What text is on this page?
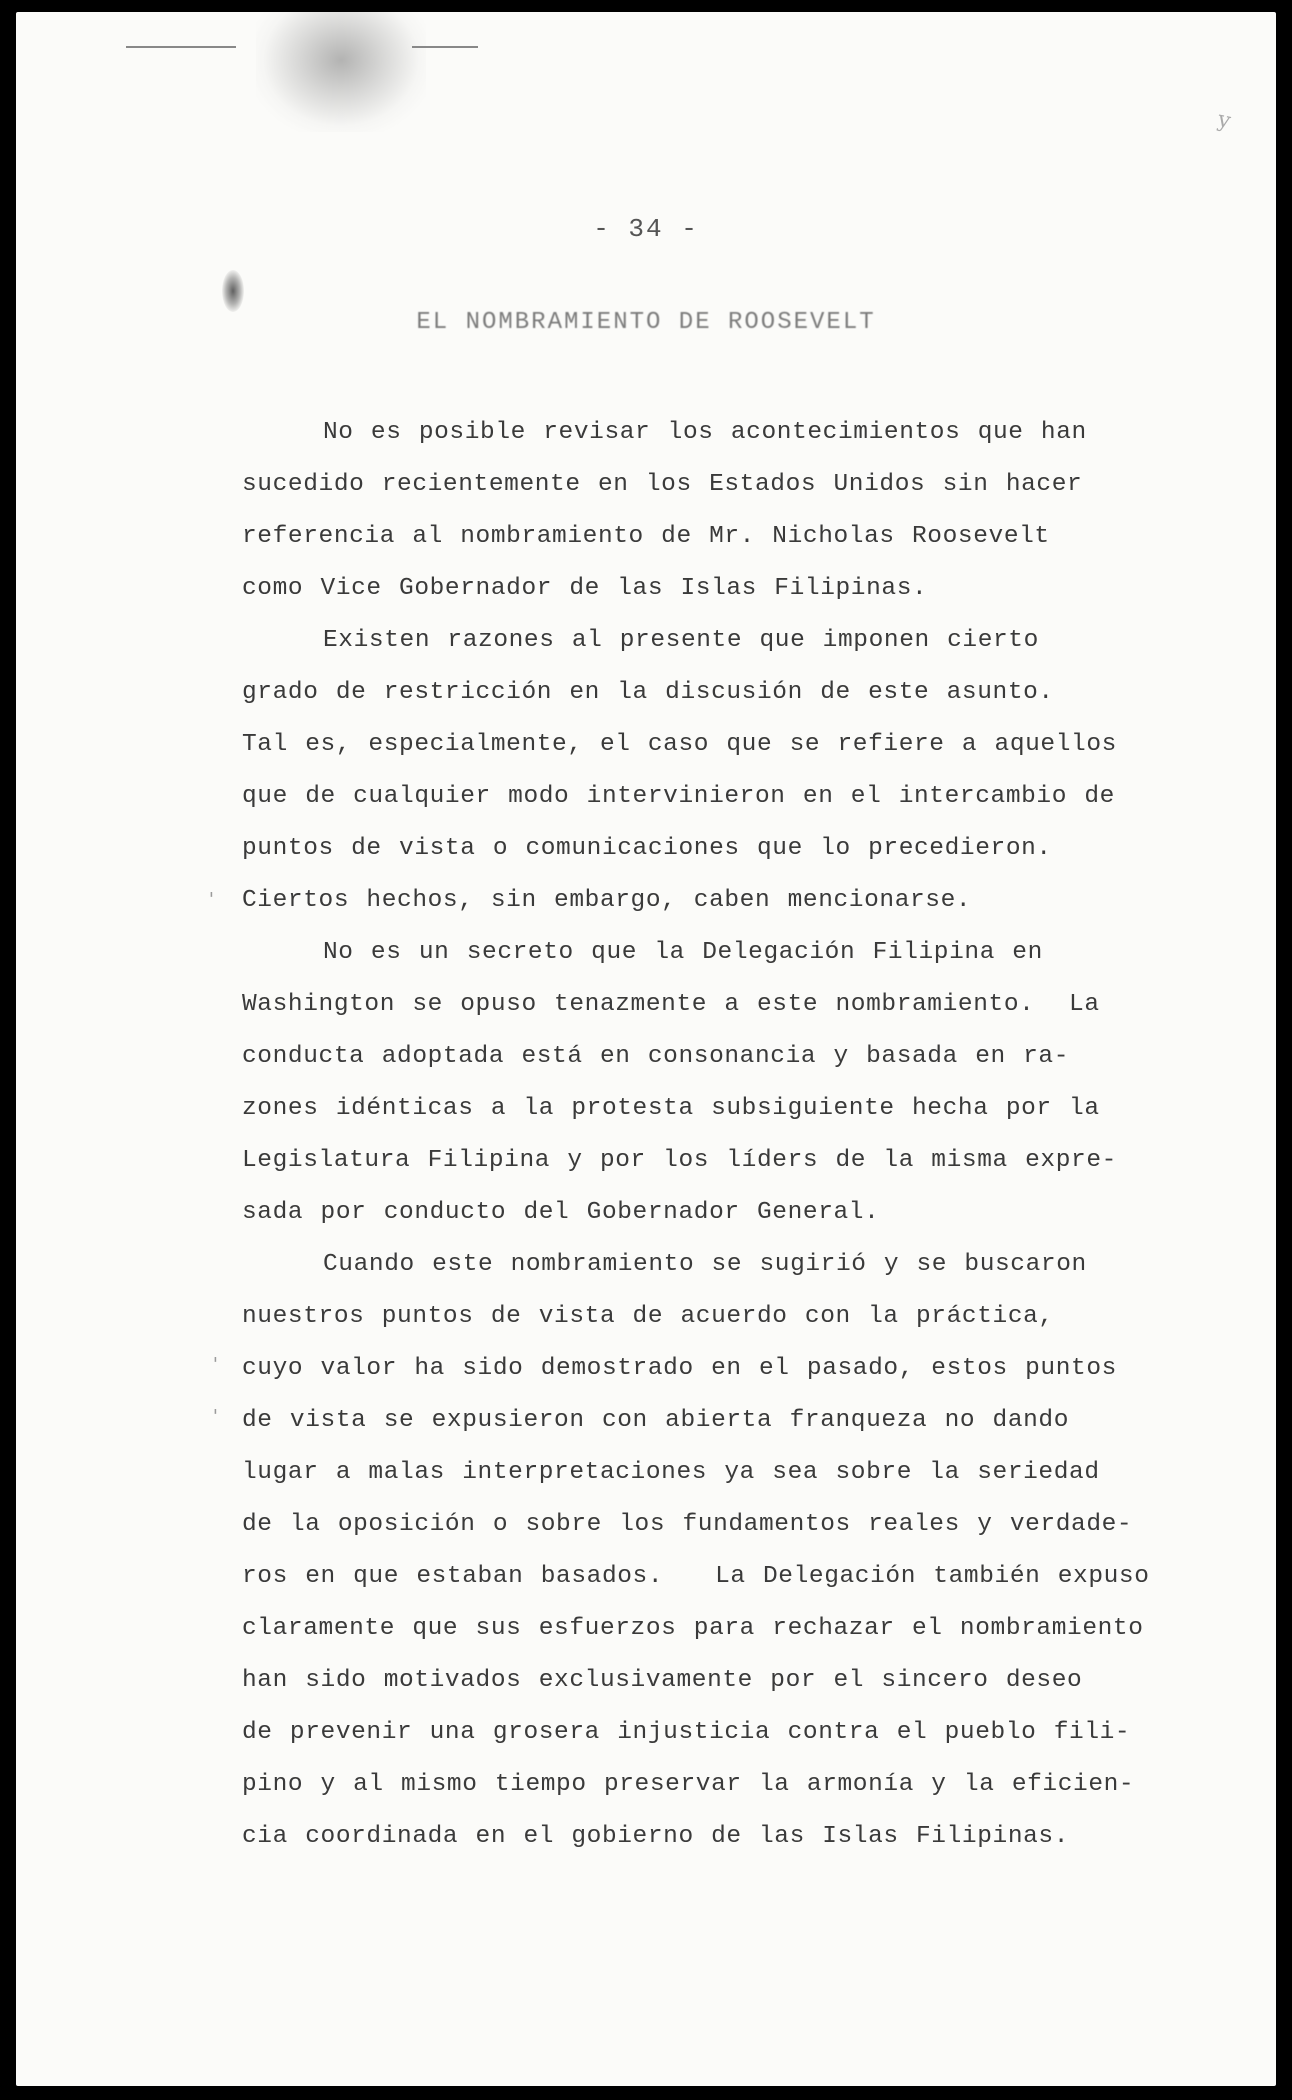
y
'
'
'
- 34 -
EL NOMBRAMIENTO DE ROOSEVELT
No es posible revisar los acontecimientos que han
sucedido recientemente en los Estados Unidos sin hacer
referencia al nombramiento de Mr. Nicholas Roosevelt
como Vice Gobernador de las Islas Filipinas.
Existen razones al presente que imponen cierto
grado de restricción en la discusión de este asunto.
Tal es, especialmente, el caso que se refiere a aquellos
que de cualquier modo intervinieron en el intercambio de
puntos de vista o comunicaciones que lo precedieron.
Ciertos hechos, sin embargo, caben mencionarse.
No es un secreto que la Delegación Filipina en
Washington se opuso tenazmente a este nombramiento.  La
conducta adoptada está en consonancia y basada en ra-
zones idénticas a la protesta subsiguiente hecha por la
Legislatura Filipina y por los líders de la misma expre-
sada por conducto del Gobernador General.
Cuando este nombramiento se sugirió y se buscaron
nuestros puntos de vista de acuerdo con la práctica,
cuyo valor ha sido demostrado en el pasado, estos puntos
de vista se expusieron con abierta franqueza no dando
lugar a malas interpretaciones ya sea sobre la seriedad
de la oposición o sobre los fundamentos reales y verdade-
ros en que estaban basados.   La Delegación también expuso
claramente que sus esfuerzos para rechazar el nombramiento
han sido motivados exclusivamente por el sincero deseo
de prevenir una grosera injusticia contra el pueblo fili-
pino y al mismo tiempo preservar la armonía y la eficien-
cia coordinada en el gobierno de las Islas Filipinas.
